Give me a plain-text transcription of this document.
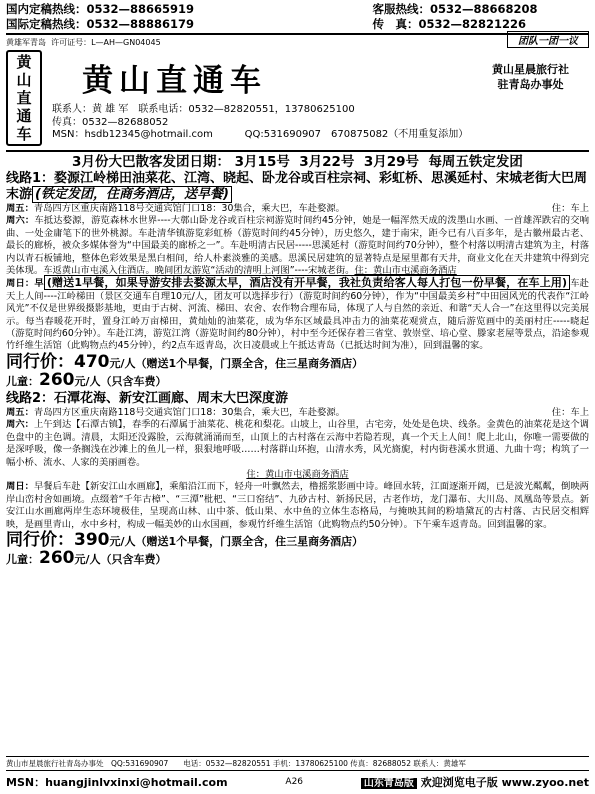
国内定稿热线：0532—88665919
国际定稿热线：0532—88886179
客服热线：0532—88668208
传　真：0532—82821226
黄雄军青岛 许可证号：L—AH—GN04045	团队一团一议
黄
山
直
通
车
黄山直通车	黄山星晨旅行社
驻青岛办事处
联系人：黄 雄 军 联系电话：0532—82820551，13780625100
传真：0532—82688052
MSN：hsdb12345@hotmail.com	QQ:531690907　670875082（不用重复添加）
3月份大巴散客发团日期： 3月15号 3月22号 3月29号 每周五铁定发团
线路1：婺源江岭梯田油菜花、江湾、晓起、卧龙谷或百柱宗祠、彩虹桥、思溪延村、宋城老街大巴周末游 (铁定发团，住商务酒店，送早餐)

周五：青岛四方区重庆南路118号交通宾馆门口18：30集合，乘大巴，车赴婺源。	住：车上

周六：车抵达婺源，游览森林水世界----大鄣山卧龙谷或百柱宗祠游览时间约45分钟，她是一幅浑然天成的泼墨山水画、一首雄浑跌宕的交响曲、一处金庸笔下的世外桃源。车赴清华镇游览彩虹桥（游览时间约45分钟），历史悠久，建于南宋，距今已有八百多年，是古徽州最古老、最长的廊桥，被众多媒体誉为“中国最美的廊桥之一”。车赴明清古民居-----思溪延村（游览时间约70分钟），整个村落以明清古建筑为主，村落内以青石板铺地，整体色彩效果是黑白相间，给人朴素淡雅的美感。思溪民居建筑的显著特点是屋里都有天井，商业文化在天井建筑中得到完美体现。车返黄山市屯溪入住酒店。晚间团友游览“活动的清明上河图”----宋城老街。住：黄山市屯溪商务酒店

周日：早 (赠送1早餐，如果导游安排去婺源太早，酒店没有开早餐，我社负责给客人每人打包一份早餐，在车上用) 车赴天上人间----江岭梯田（景区交通车自理10元/人，团友可以选择步行）（游览时间约60分钟），作为“中国最美乡村”中田园风光的代表作“江岭风光”不仅是世界级摄影基地，更由于古树、河流、梯田、农舍、农作物合理布局，体现了人与自然的亲近、和谐“天人合一”在这里得以完美展示。每当春暖花开时，置身江岭万亩梯田，黄灿灿的油菜花，成为华东区域最具冲击力的油菜花观赏点，随后游览画中的美丽村庄-----晓起（游览时间约60分钟）。车赴江湾，游览江湾（游览时间约80分钟），村中至今还保存着三省堂、敦崇堂、培心堂、滕家老屋等景点，沿途参观竹纤维生活馆（此购物点约45分钟），约2点车返青岛，次日凌晨或上午抵达青岛（已抵达时间为准），回到温馨的家。

同行价：470元/人（赠送1个早餐，门票全含，住三星商务酒店）
儿童：260元/人（只含车费）
线路2：石潭花海、新安江画廊、周末大巴深度游

周五：青岛四方区重庆南路118号交通宾馆门口18：30集合，乘大巴，车赴婺源。	住：车上

周六：上午到达【石潭古镇】，春季的石潭属于油菜花、桃花和梨花。山坡上，山谷里，古宅旁，处处是色块、线条。金黄色的油菜花是这个调色盘中的主色调。清晨，太阳还没露脸，云海就涌涌而至，山顶上的古村落在云海中若隐若现，真一个天上人间！爬上北山，你唯一需要做的是深呼吸，像一条搁浅在沙滩上的鱼儿一样，狠狠地呼吸……村落群山环抱，山清水秀，风光旖旎，村内街巷溪水贯通、九曲十弯；构筑了一幅小桥、流水、人家的美丽画卷。

住：黄山市屯溪商务酒店

周日：早餐后车赴【新安江山水画廊】，乘船沿江而下，轻舟一叶飘然去，橹摇浆影画中诗。峰回水转，江面逐渐开阔，已是波光粼粼，倒映两岸山峦村舍如画境。点缀着“千年古樟”、“三潭”枇杷、“三口窑结”、九砂古村、新扬民居，古老作坊，龙门瀑布、大川岛、凤凰岛等景点。新安江山水画廊两岸生态环境极佳，呈现高山林、山中茶、低山果、水中鱼的立体生态格局，与掩映其间的粉墙黛瓦的古村落、古民居交相辉映，是画里青山，水中乡村，构成一幅美妙的山水国画，参观竹纤维生活馆（此购物点约50分钟）。下午乘车返青岛。回到温馨的家。

同行价：390元/人（赠送1个早餐，门票全含，住三星商务酒店）
儿童：260元/人（只含车费）
黄山市星晨旅行社青岛办事处　QQ:531690907　　电话：0532—82820551 手机：13780625100 传真：82688052 联系人：黄雄军
MSN：huangjinlvxinxi@hotmail.com	A26	山东青岛版 欢迎浏览电子版 www.zyoo.net
